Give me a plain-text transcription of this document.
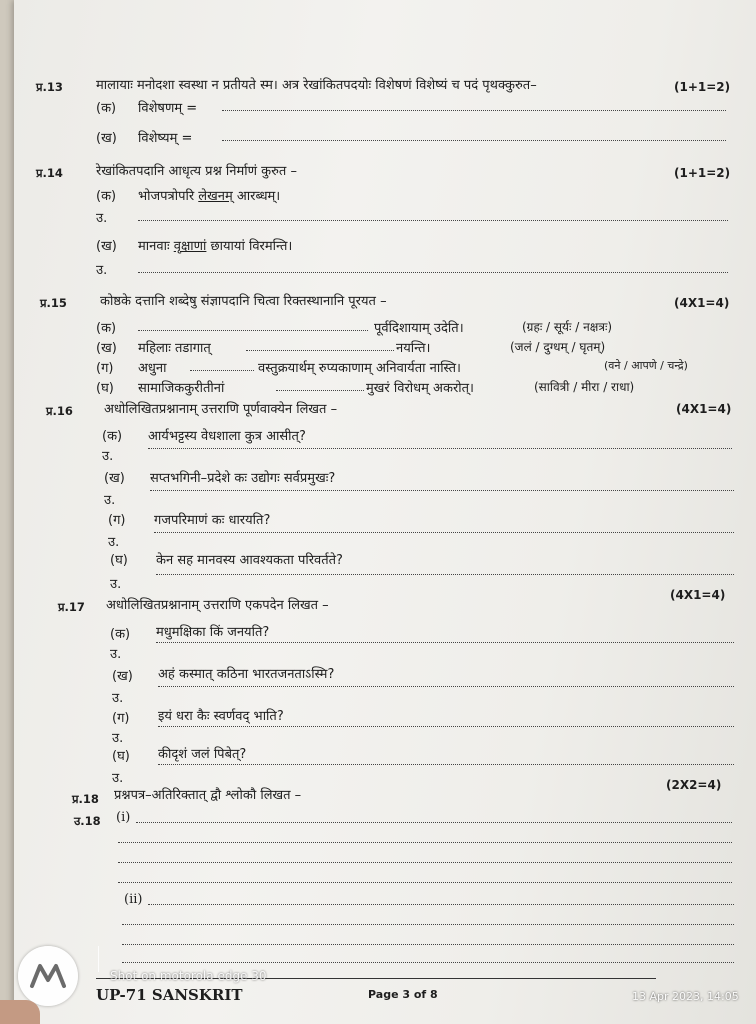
प्र.13	मालायाः मनोदशा स्वस्था न प्रतीयते स्म। अत्र रेखांकितपदयोः विशेषणं विशेष्यं च पदं पृथक्कुरुत–	(1+1=2)
(क) विशेषणम् =
(ख) विशेष्यम् =
प्र.14	रेखांकितपदानि आधृत्य प्रश्न निर्माणं कुरुत –	(1+1=2)
(क) भोजपत्रोपरि लेखनम् आरब्धम्।
उ.
(ख) मानवाः वृक्षाणां छायायां विरमन्ति।
उ.
प्र.15	कोष्ठके दत्तानि शब्देषु संज्ञापदानि चित्वा रिक्तस्थानानि पूरयत –	(4X1=4)
(क)	पूर्वदिशायाम् उदेति।	(ग्रहः / सूर्यः / नक्षत्रः)
(ख) महिलाः तडागात्	नयन्ति।	(जलं / दुग्धम् / घृतम्)
(ग) अधुना	वस्तुक्रयार्थम् रुप्यकाणाम् अनिवार्यता नास्ति।	(वने / आपणे / चन्द्रे)
(घ) सामाजिककुरीतीनां	मुखरं विरोधम् अकरोत्।	(सावित्री / मीरा / राधा)
प्र.16 अधोलिखितप्रश्नानाम् उत्तराणि पूर्णवाक्येन लिखत –	(4X1=4)
(क) आर्यभट्टस्य वेधशाला कुत्र आसीत्?
उ.
(ख) सप्तभगिनी–प्रदेशे कः उद्योगः सर्वप्रमुखः?
उ.
(ग) गजपरिमाणं कः धारयति?
उ.
(घ) केन सह मानवस्य आवश्यकता परिवर्तते?
उ.
प्र.17 अधोलिखितप्रश्नानाम् उत्तराणि एकपदेन लिखत –
(4X1=4)
(क) मधुमक्षिका किं जनयति?
उ.
(ख) अहं कस्मात् कठिना भारतजनताऽस्मि?
उ.
(ग) इयं धरा कैः स्वर्णवद् भाति?
उ.
(घ) कीदृशं जलं पिबेत्?
उ.
प्र.18 प्रश्नपत्र–अतिरिक्तात् द्वौ श्लोकौ लिखत –
(2X2=4)
उ.18 (i)
(ii)
UP-71 SANSKRIT	Page 3 of 8
Shot on motorola edge 30
13 Apr 2023, 14:05
